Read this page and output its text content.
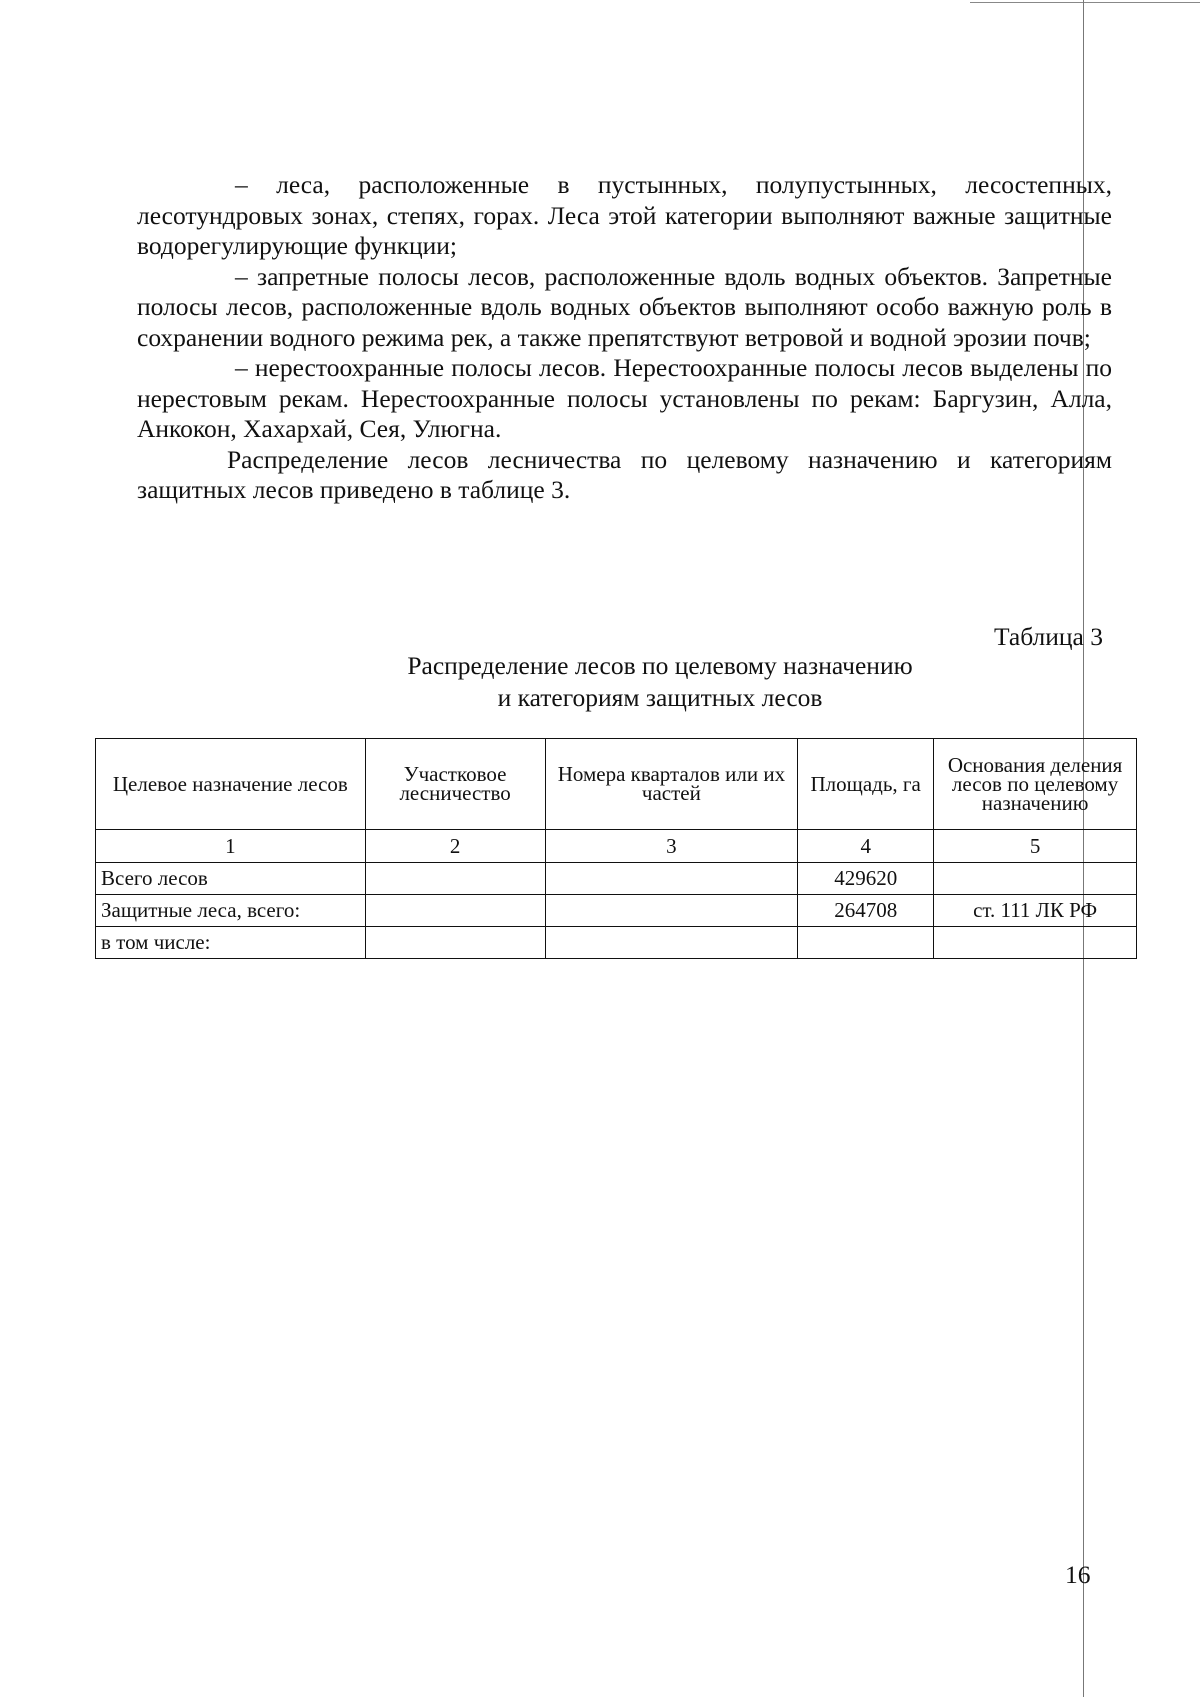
– леса, расположенные в пустынных, полупустынных, лесостепных, лесотундровых зонах, степях, горах. Леса этой категории выполняют важные защитные водорегулирующие функции;

– запретные полосы лесов, расположенные вдоль водных объектов. Запретные полосы лесов, расположенные вдоль водных объектов выполняют особо важную роль в сохранении водного режима рек, а также препятствуют ветровой и водной эрозии почв;

– нерестоохранные полосы лесов. Нерестоохранные полосы лесов выделены по нерестовым рекам. Нерестоохранные полосы установлены по рекам: Баргузин, Алла, Анкокон, Хахархай, Сея, Улюгна.

Распределение лесов лесничества по целевому назначению и категориям защитных лесов приведено в таблице 3.

Таблица 3
Распределение лесов по целевому назначению
и категориям защитных лесов
Целевое назначение лесов	Участковое лесничество	Номера кварталов или их частей	Площадь, га	Основания деления лесов по целевому назначению
1	2	3	4	5
Всего лесов			429620	
Защитные леса, всего:			264708	ст. 111 ЛК РФ
в том числе:				
16
